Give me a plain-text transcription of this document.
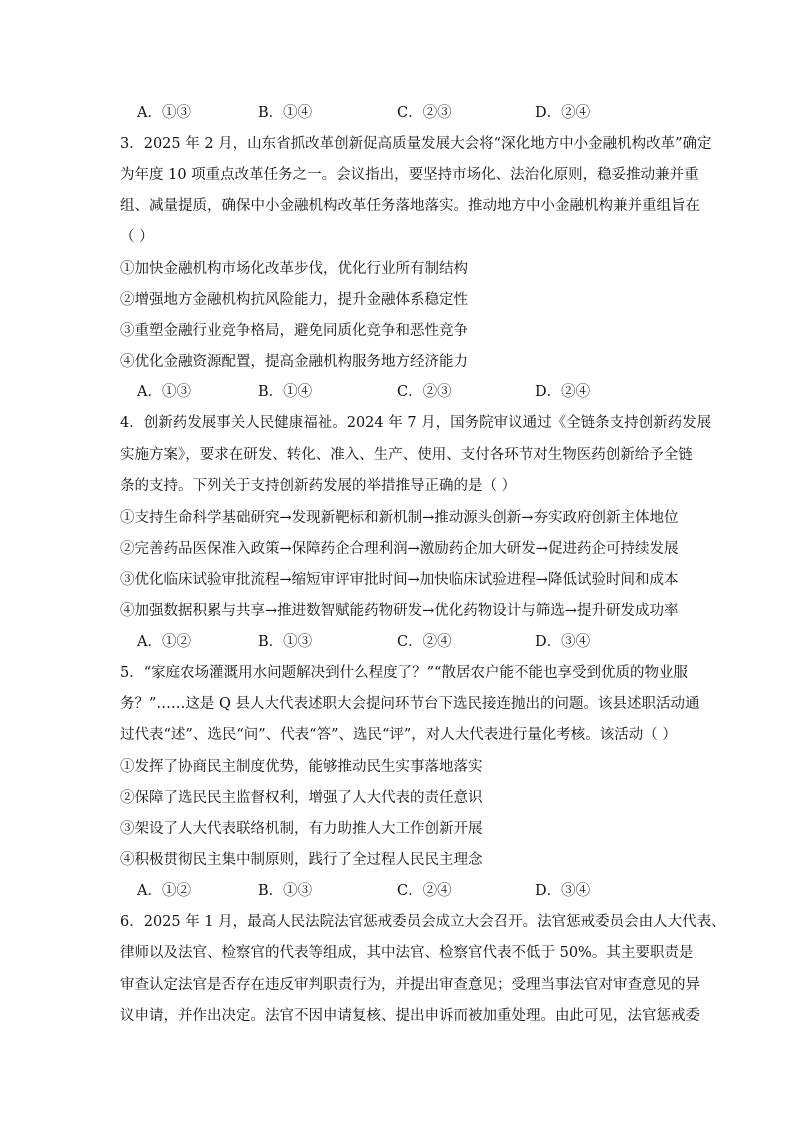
A．①③	B．①④	C．②③	D．②④
3．2025 年 2 月，山东省抓改革创新促高质量发展大会将“深化地方中小金融机构改革”确定
为年度 10 项重点改革任务之一。会议指出，要坚持市场化、法治化原则，稳妥推动兼并重
组、减量提质，确保中小金融机构改革任务落地落实。推动地方中小金融机构兼并重组旨在
（ ）
①加快金融机构市场化改革步伐，优化行业所有制结构
②增强地方金融机构抗风险能力，提升金融体系稳定性
③重塑金融行业竞争格局，避免同质化竞争和恶性竞争
④优化金融资源配置，提高金融机构服务地方经济能力
A．①③	B．①④	C．②③	D．②④
4．创新药发展事关人民健康福祉。2024 年 7 月，国务院审议通过《全链条支持创新药发展
实施方案》，要求在研发、转化、准入、生产、使用、支付各环节对生物医药创新给予全链
条的支持。下列关于支持创新药发展的举措推导正确的是（ ）
①支持生命科学基础研究→发现新靶标和新机制→推动源头创新→夯实政府创新主体地位
②完善药品医保准入政策→保障药企合理利润→激励药企加大研发→促进药企可持续发展
③优化临床试验审批流程→缩短审评审批时间→加快临床试验进程→降低试验时间和成本
④加强数据积累与共享→推进数智赋能药物研发→优化药物设计与筛选→提升研发成功率
A．①②	B．①③	C．②④	D．③④
5．“家庭农场灌溉用水问题解决到什么程度了？”“散居农户能不能也享受到优质的物业服
务？”……这是 Q 县人大代表述职大会提问环节台下选民接连抛出的问题。该县述职活动通
过代表“述”、选民“问”、代表“答”、选民“评”，对人大代表进行量化考核。该活动（ ）
①发挥了协商民主制度优势，能够推动民生实事落地落实
②保障了选民民主监督权利，增强了人大代表的责任意识
③架设了人大代表联络机制，有力助推人大工作创新开展
④积极贯彻民主集中制原则，践行了全过程人民民主理念
A．①②	B．①③	C．②④	D．③④
6．2025 年 1 月，最高人民法院法官惩戒委员会成立大会召开。法官惩戒委员会由人大代表、
律师以及法官、检察官的代表等组成，其中法官、检察官代表不低于 50%。其主要职责是
审查认定法官是否存在违反审判职责行为，并提出审查意见；受理当事法官对审查意见的异
议申请，并作出决定。法官不因申请复核、提出申诉而被加重处理。由此可见，法官惩戒委
